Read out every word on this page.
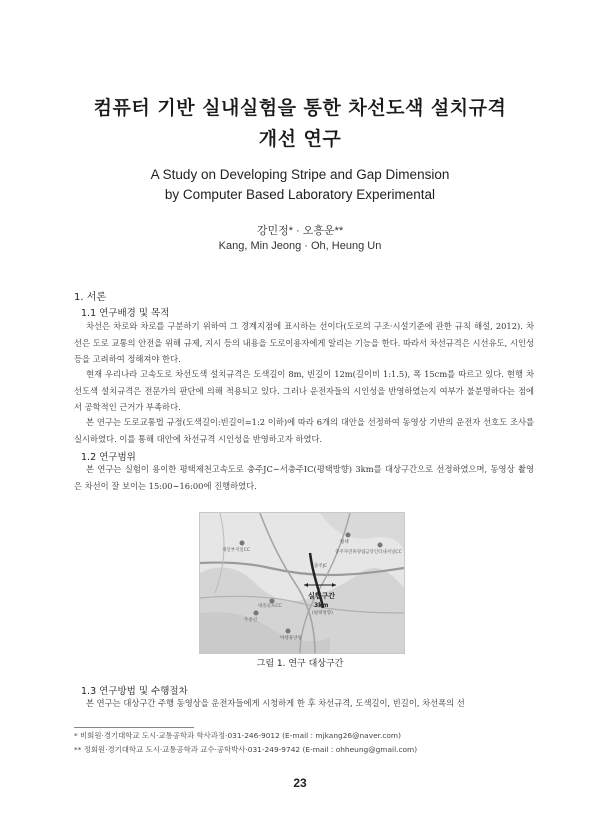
컴퓨터 기반 실내실험을 통한 차선도색 설치규격
개선 연구
A Study on Developing Stripe and Gap Dimension
by Computer Based Laboratory Experimental
강민정* · 오흥운**
Kang, Min Jeong · Oh, Heung Un
1. 서론
1.1 연구배경 및 목적
차선은 차로와 차로를 구분하기 위하여 그 경계지점에 표시하는 선이다(도로의 구조·시설기준에 관한 규칙 해설, 2012). 차선은 도로 교통의 안전을 위해 규제, 지시 등의 내용을 도로이용자에게 알리는 기능을 한다. 따라서 차선규격은 시선유도, 시인성 등을 고려하여 정해져야 한다.
현재 우리나라 고속도로 차선도색 설치규격은 도색길이 8m, 빈길이 12m(길이비 1:1.5), 폭 15cm를 따르고 있다. 현행 차선도색 설치규격은 전문가의 판단에 의해 적용되고 있다. 그러나 운전자들의 시인성을 반영하였는지 여부가 불분명하다는 점에서 공학적인 근거가 부족하다.
본 연구는 도로교통법 규정(도색길이:빈길이=1:2 이하)에 따라 6개의 대안을 선정하여 동영상 기반의 운전자 선호도 조사를 실시하였다. 이를 통해 대안에 차선규격 시인성을 반영하고자 하였다.
1.2 연구범위
본 연구는 실험이 용이한 평택제천고속도로 충주JC∼서충주IC(평택방향) 3km를 대상구간으로 선정하였으며, 동영상 촬영은 차선이 잘 보이는 15:00∼16:00에 진행하였다.
개인부지일CC
평택
충주자연휴양림 금강인터내셔널CC
충주JC
대흥골프CC
주종선
야행휴양림
실험구간
3km
(평택방향)
그림 1. 연구 대상구간
1.3 연구방법 및 수행절차
본 연구는 대상구간 주행 동영상을 운전자들에게 시청하게 한 후 차선규격, 도색길이, 빈길이, 차선폭의 선
* 비회원·경기대학교 도시·교통공학과 학사과정·031-246-9012 (E-mail : mjkang26@naver.com)
** 정회원·경기대학교 도시·교통공학과 교수·공학박사·031-249-9742 (E-mail : ohheung@gmail.com)
23
